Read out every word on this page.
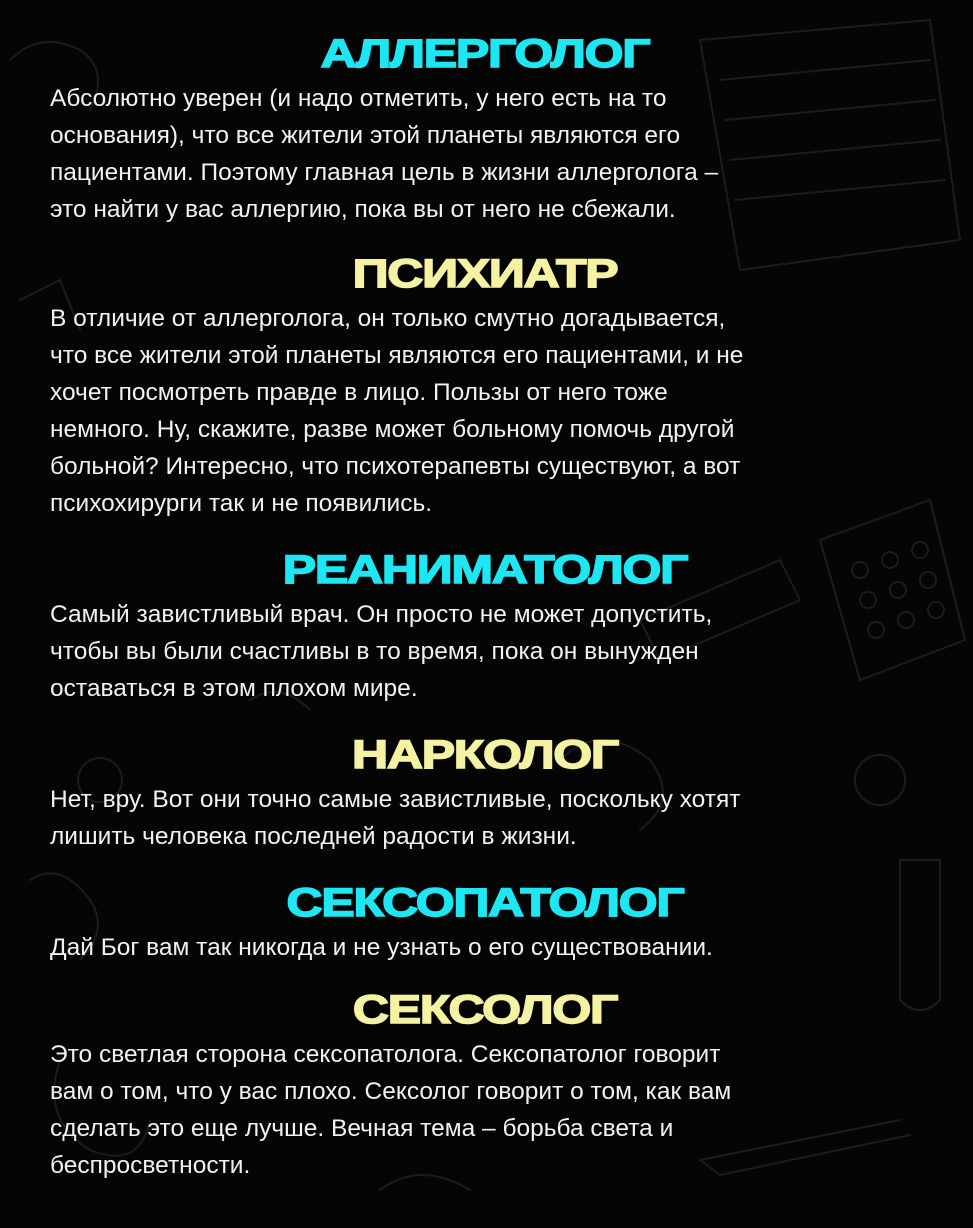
АЛЛЕРГОЛОГ

Абсолютно уверен (и надо отметить, у него есть на то
основания), что все жители этой планеты являются его
пациентами. Поэтому главная цель в жизни аллерголога –
это найти у вас аллергию, пока вы от него не сбежали.

ПСИХИАТР

В отличие от аллерголога, он только смутно догадывается,
что все жители этой планеты являются его пациентами, и не
хочет посмотреть правде в лицо. Пользы от него тоже
немного. Ну, скажите, разве может больному помочь другой
больной? Интересно, что психотерапевты существуют, а вот
психохирурги так и не появились.

РЕАНИМАТОЛОГ

Самый завистливый врач. Он просто не может допустить,
чтобы вы были счастливы в то время, пока он вынужден
оставаться в этом плохом мире.

НАРКОЛОГ

Нет, вру. Вот они точно самые завистливые, поскольку хотят
лишить человека последней радости в жизни.

СЕКСОПАТОЛОГ

Дай Бог вам так никогда и не узнать о его существовании.

СЕКСОЛОГ

Это светлая сторона сексопатолога. Сексопатолог говорит
вам о том, что у вас плохо. Сексолог говорит о том, как вам
сделать это еще лучше. Вечная тема – борьба света и
беспросветности.
